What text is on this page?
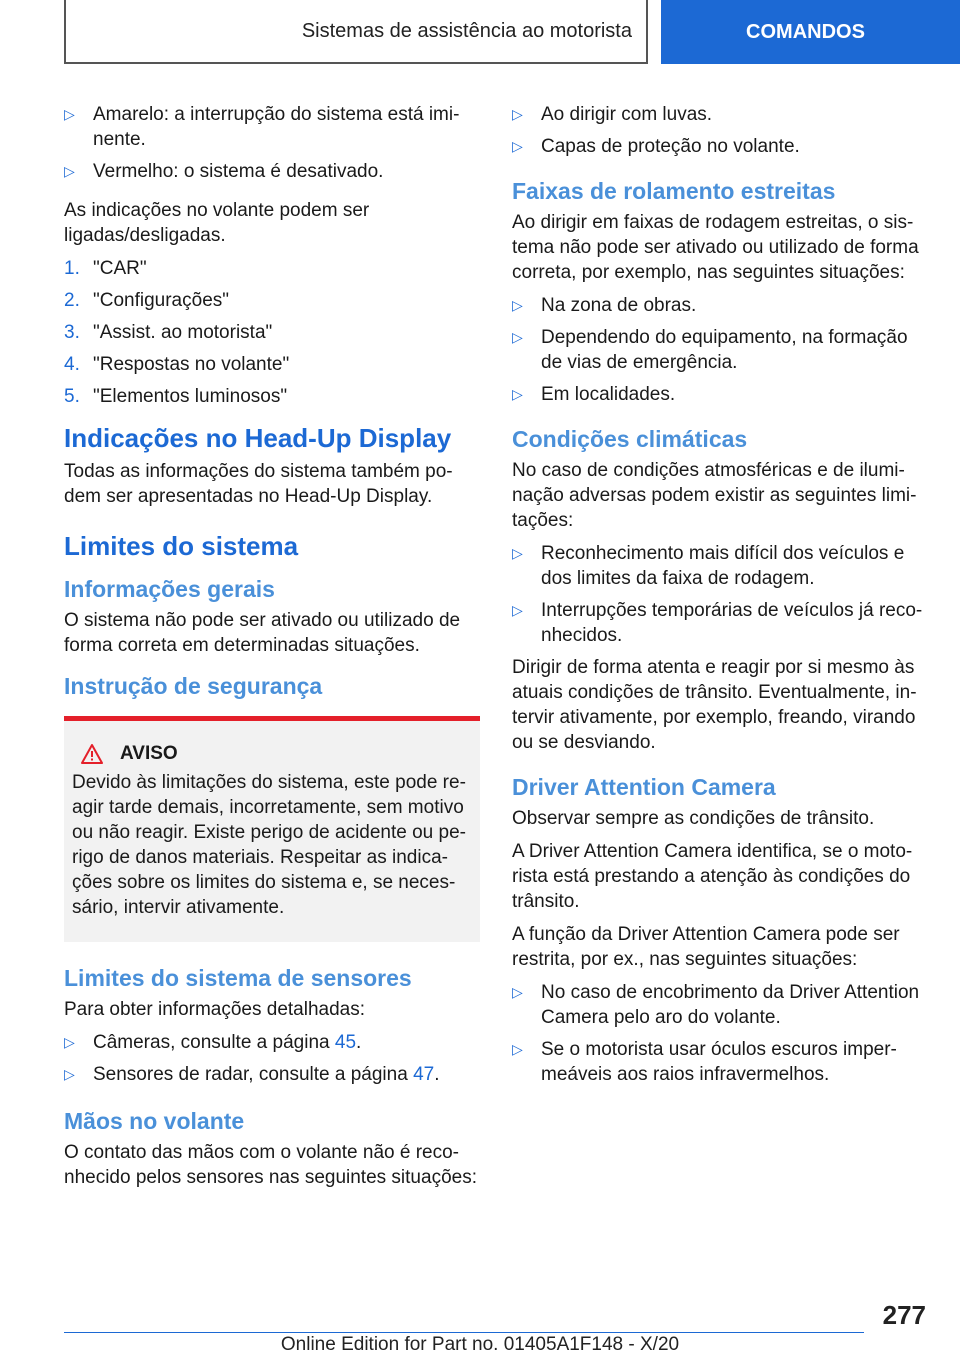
Sistemas de assistência ao motorista	COMANDOS
▷ Amarelo: a interrupção do sistema está iminente.
▷ Vermelho: o sistema é desativado.

As indicações no volante podem ser ligadas/desligadas.

1. "CAR"
2. "Configurações"
3. "Assist. ao motorista"
4. "Respostas no volante"
5. "Elementos luminosos"
Indicações no Head-Up Display

Todas as informações do sistema também podem ser apresentadas no Head-Up Display.

Limites do sistema
Informações gerais

O sistema não pode ser ativado ou utilizado de forma correta em determinadas situações.

Instrução de segurança
AVISO
Devido às limitações do sistema, este pode reagir tarde demais, incorretamente, sem motivo ou não reagir. Existe perigo de acidente ou perigo de danos materiais. Respeitar as indicações sobre os limites do sistema e, se necessário, intervir ativamente.
Limites do sistema de sensores

Para obter informações detalhadas:

▷ Câmeras, consulte a página 45.
▷ Sensores de radar, consulte a página 47.
Mãos no volante

O contato das mãos com o volante não é reconhecido pelos sensores nas seguintes situações:

▷ Ao dirigir com luvas.
▷ Capas de proteção no volante.
Faixas de rolamento estreitas

Ao dirigir em faixas de rodagem estreitas, o sistema não pode ser ativado ou utilizado de forma correta, por exemplo, nas seguintes situações:

▷ Na zona de obras.
▷ Dependendo do equipamento, na formação de vias de emergência.
▷ Em localidades.
Condições climáticas

No caso de condições atmosféricas e de iluminação adversas podem existir as seguintes limitações:

▷ Reconhecimento mais difícil dos veículos e dos limites da faixa de rodagem.
▷ Interrupções temporárias de veículos já reconhecidos.

Dirigir de forma atenta e reagir por si mesmo às atuais condições de trânsito. Eventualmente, intervir ativamente, por exemplo, freando, virando ou se desviando.

Driver Attention Camera

Observar sempre as condições de trânsito.

A Driver Attention Camera identifica, se o motorista está prestando a atenção às condições do trânsito.

A função da Driver Attention Camera pode ser restrita, por ex., nas seguintes situações:

▷ No caso de encobrimento da Driver Attention Camera pelo aro do volante.
▷ Se o motorista usar óculos escuros impermeáveis aos raios infravermelhos.
277
Online Edition for Part no. 01405A1F148 - X/20
